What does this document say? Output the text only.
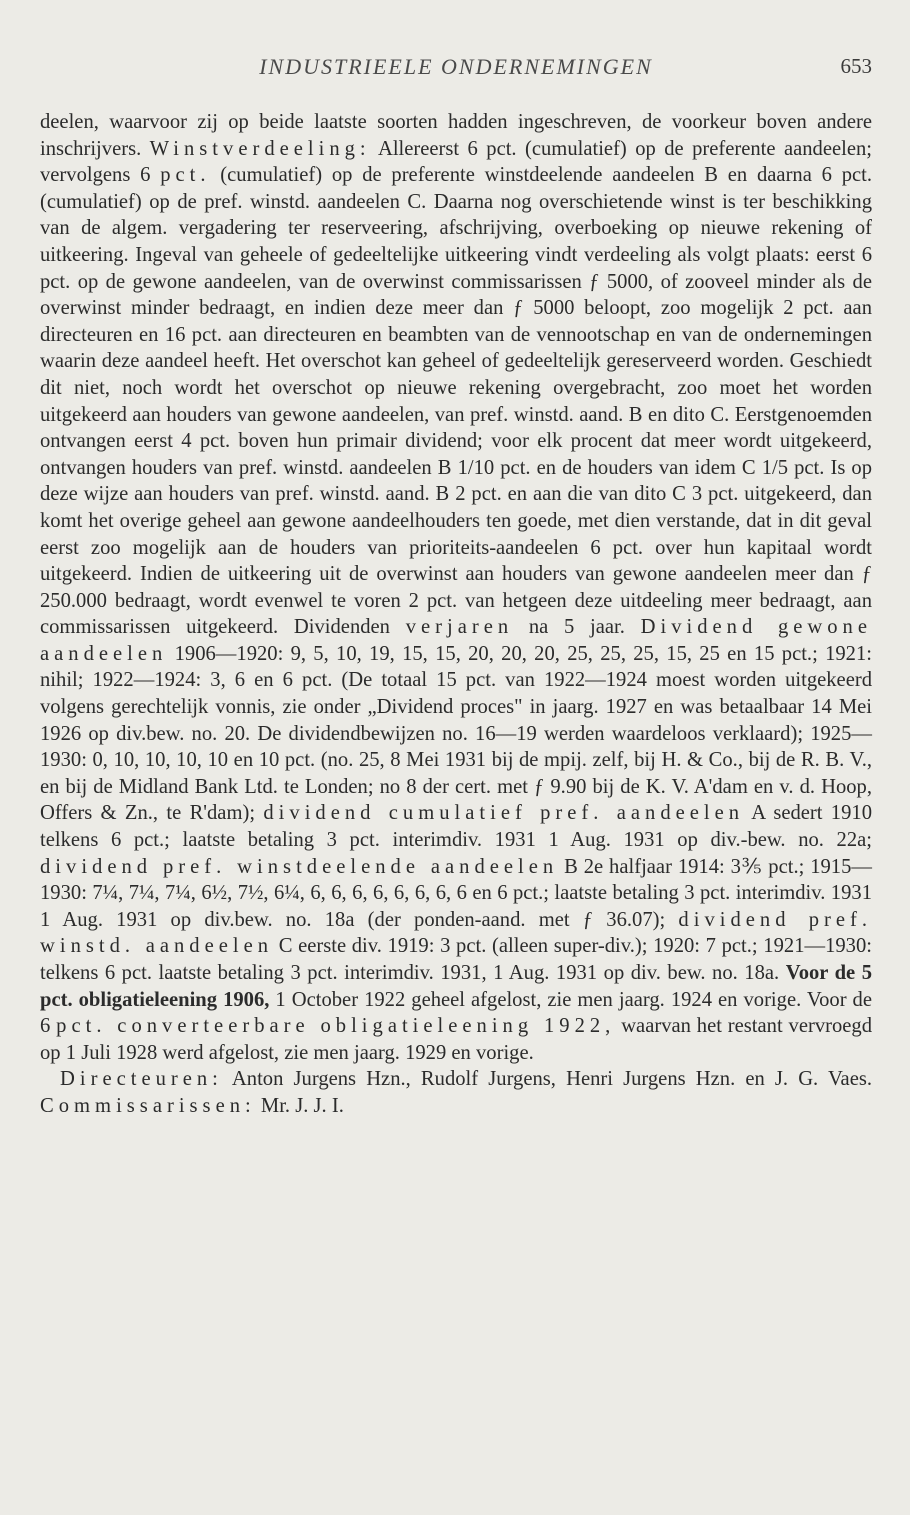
INDUSTRIEELE ONDERNEMINGEN	653

deelen, waarvoor zij op beide laatste soorten hadden ingeschreven, de voorkeur boven andere inschrijvers. Winstverdeeling: Allereerst 6 pct. (cumulatief) op de preferente aandeelen; vervolgens 6 pct. (cumulatief) op de preferente winstdeelende aandeelen B en daarna 6 pct. (cumulatief) op de pref. winstd. aandeelen C. Daarna nog overschietende winst is ter beschikking van de algem. vergadering ter reserveering, afschrijving, overboeking op nieuwe rekening of uitkeering. Ingeval van geheele of gedeeltelijke uitkeering vindt verdeeling als volgt plaats: eerst 6 pct. op de gewone aandeelen, van de overwinst commissarissen ƒ 5000, of zooveel minder als de overwinst minder bedraagt, en indien deze meer dan ƒ 5000 beloopt, zoo mogelijk 2 pct. aan directeuren en 16 pct. aan directeuren en beambten van de vennootschap en van de ondernemingen waarin deze aandeel heeft. Het overschot kan geheel of gedeeltelijk gereserveerd worden. Geschiedt dit niet, noch wordt het overschot op nieuwe rekening overgebracht, zoo moet het worden uitgekeerd aan houders van gewone aandeelen, van pref. winstd. aand. B en dito C. Eerstgenoemden ontvangen eerst 4 pct. boven hun primair dividend; voor elk procent dat meer wordt uitgekeerd, ontvangen houders van pref. winstd. aandeelen B 1/10 pct. en de houders van idem C 1/5 pct. Is op deze wijze aan houders van pref. winstd. aand. B 2 pct. en aan die van dito C 3 pct. uitgekeerd, dan komt het overige geheel aan gewone aandeelhouders ten goede, met dien verstande, dat in dit geval eerst zoo mogelijk aan de houders van prioriteits-aandeelen 6 pct. over hun kapitaal wordt uitgekeerd. Indien de uitkeering uit de overwinst aan houders van gewone aandeelen meer dan ƒ 250.000 bedraagt, wordt evenwel te voren 2 pct. van hetgeen deze uitdeeling meer bedraagt, aan commissarissen uitgekeerd. Dividenden verjaren na 5 jaar. Dividend gewone aandeelen 1906—1920: 9, 5, 10, 19, 15, 15, 20, 20, 20, 25, 25, 25, 15, 25 en 15 pct.; 1921: nihil; 1922—1924: 3, 6 en 6 pct. (De totaal 15 pct. van 1922—1924 moest worden uitgekeerd volgens gerechtelijk vonnis, zie onder „Dividend proces" in jaarg. 1927 en was betaalbaar 14 Mei 1926 op div.bew. no. 20. De dividendbewijzen no. 16—19 werden waardeloos verklaard); 1925—1930: 0, 10, 10, 10, 10 en 10 pct. (no. 25, 8 Mei 1931 bij de mpij. zelf, bij H. & Co., bij de R. B. V., en bij de Midland Bank Ltd. te Londen; no 8 der cert. met ƒ 9.90 bij de K. V. A'dam en v. d. Hoop, Offers & Zn., te R'dam); dividend cumulatief pref. aandeelen A sedert 1910 telkens 6 pct.; laatste betaling 3 pct. interimdiv. 1931 1 Aug. 1931 op div.-bew. no. 22a; dividend pref. winstdeelende aandeelen B 2e halfjaar 1914: 3⅗ pct.; 1915—1930: 7¼, 7¼, 7¼, 6½, 7½, 6¼, 6, 6, 6, 6, 6, 6, 6, 6 en 6 pct.; laatste betaling 3 pct. interimdiv. 1931 1 Aug. 1931 op div.bew. no. 18a (der ponden-aand. met ƒ 36.07); dividend pref. winstd. aandeelen C eerste div. 1919: 3 pct. (alleen super-div.); 1920: 7 pct.; 1921—1930: telkens 6 pct. laatste betaling 3 pct. interimdiv. 1931, 1 Aug. 1931 op div. bew. no. 18a. Voor de 5 pct. obligatieleening 1906, 1 October 1922 geheel afgelost, zie men jaarg. 1924 en vorige. Voor de 6 pct. converteerbare obligatieleening 1922, waarvan het restant vervroegd op 1 Juli 1928 werd afgelost, zie men jaarg. 1929 en vorige.

Directeuren: Anton Jurgens Hzn., Rudolf Jurgens, Henri Jurgens Hzn. en J. G. Vaes. Commissarissen: Mr. J. J. I.
